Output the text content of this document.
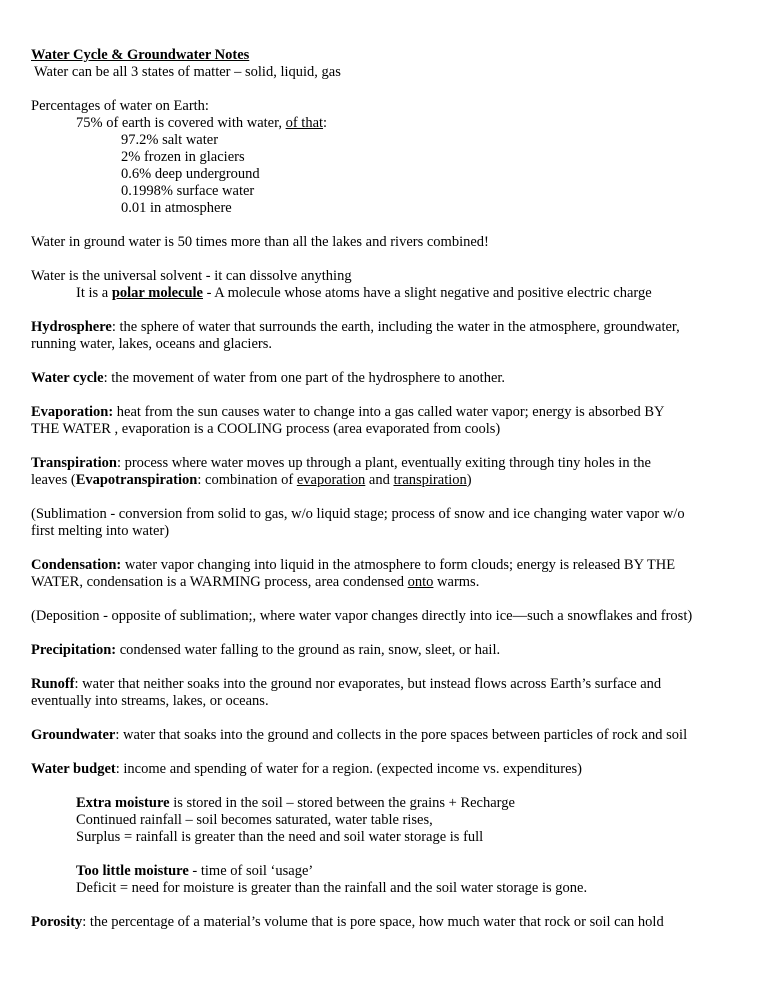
Water Cycle & Groundwater Notes
Water can be all 3 states of matter – solid, liquid, gas
Percentages of water on Earth:
75% of earth is covered with water, of that:
97.2% salt water
2% frozen in glaciers
0.6% deep underground
0.1998% surface water
0.01 in atmosphere
Water in ground water is 50 times more than all the lakes and rivers combined!
Water is the universal solvent - it can dissolve anything
It is a polar molecule - A molecule whose atoms have a slight negative and positive electric charge
Hydrosphere: the sphere of water that surrounds the earth, including the water in the atmosphere, groundwater,
running water, lakes, oceans and glaciers.
Water cycle: the movement of water from one part of the hydrosphere to another.
Evaporation: heat from the sun causes water to change into a gas called water vapor; energy is absorbed BY
THE WATER , evaporation is a COOLING process (area evaporated from cools)
Transpiration: process where water moves up through a plant, eventually exiting through tiny holes in the
leaves (Evapotranspiration: combination of evaporation and transpiration)
(Sublimation - conversion from solid to gas, w/o liquid stage; process of snow and ice changing water vapor w/o
first melting into water)
Condensation: water vapor changing into liquid in the atmosphere to form clouds; energy is released BY THE
WATER, condensation is a WARMING process, area condensed onto warms.
(Deposition - opposite of sublimation;, where water vapor changes directly into ice—such a snowflakes and frost)
Precipitation: condensed water falling to the ground as rain, snow, sleet, or hail.
Runoff: water that neither soaks into the ground nor evaporates, but instead flows across Earth’s surface and
eventually into streams, lakes, or oceans.
Groundwater: water that soaks into the ground and collects in the pore spaces between particles of rock and soil
Water budget: income and spending of water for a region. (expected income vs. expenditures)
Extra moisture is stored in the soil – stored between the grains + Recharge
Continued rainfall – soil becomes saturated, water table rises,
Surplus = rainfall is greater than the need and soil water storage is full
Too little moisture - time of soil ‘usage’
Deficit = need for moisture is greater than the rainfall and the soil water storage is gone.
Porosity: the percentage of a material’s volume that is pore space, how much water that rock or soil can hold
